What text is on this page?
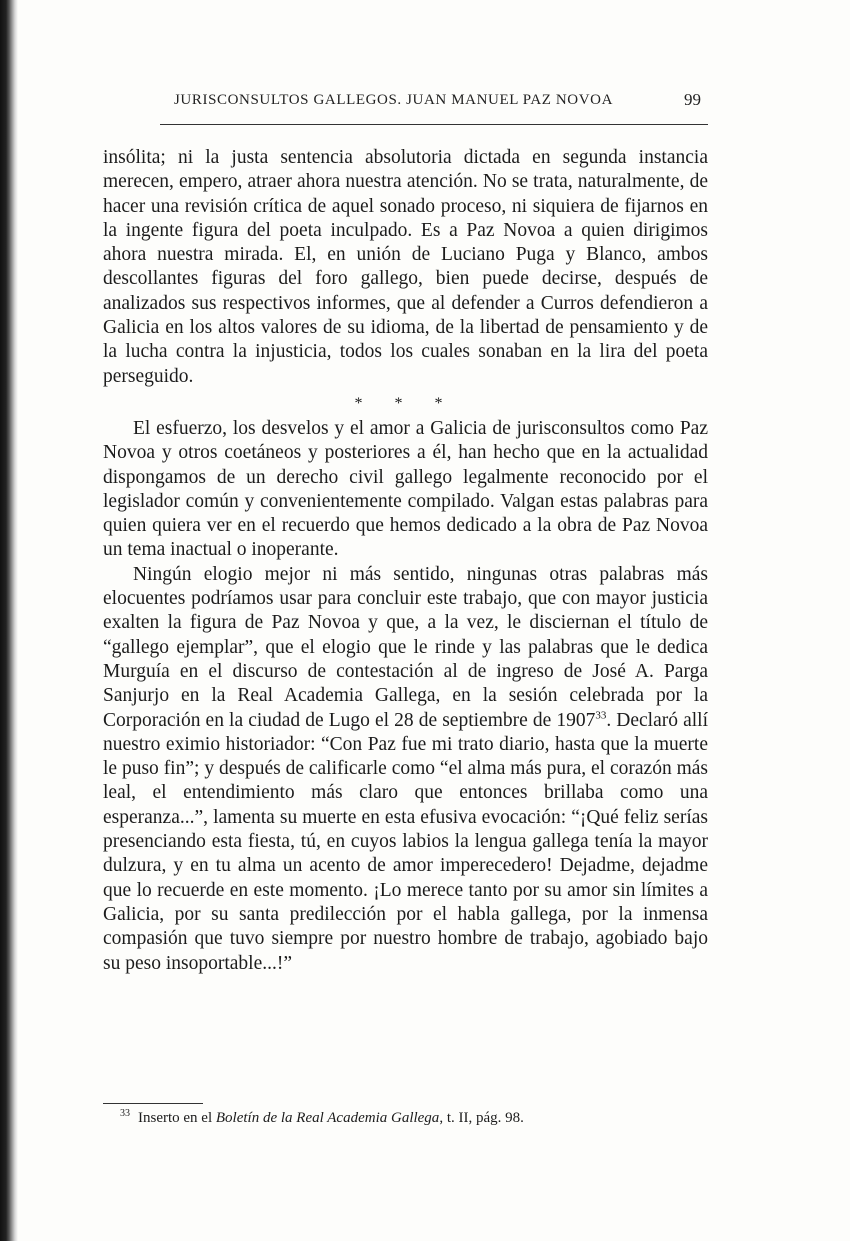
JURISCONSULTOS GALLEGOS. JUAN MANUEL PAZ NOVOA	99

insólita; ni la justa sentencia absolutoria dictada en segunda instancia merecen, empero, atraer ahora nuestra atención. No se trata, naturalmente, de hacer una revisión crítica de aquel sonado proceso, ni siquiera de fijarnos en la ingente figura del poeta inculpado. Es a Paz Novoa a quien dirigimos ahora nuestra mirada. El, en unión de Luciano Puga y Blanco, ambos descollantes figuras del foro gallego, bien puede decirse, después de analizados sus respectivos informes, que al defender a Curros defendieron a Galicia en los altos valores de su idioma, de la libertad de pensamiento y de la lucha contra la injusticia, todos los cuales sonaban en la lira del poeta perseguido.

* * *

El esfuerzo, los desvelos y el amor a Galicia de jurisconsultos como Paz Novoa y otros coetáneos y posteriores a él, han hecho que en la actualidad dispongamos de un derecho civil gallego legalmente reconocido por el legislador común y convenientemente compilado. Valgan estas palabras para quien quiera ver en el recuerdo que hemos dedicado a la obra de Paz Novoa un tema inactual o inoperante.

Ningún elogio mejor ni más sentido, ningunas otras palabras más elocuentes podríamos usar para concluir este trabajo, que con mayor justicia exalten la figura de Paz Novoa y que, a la vez, le disciernan el título de “gallego ejemplar”, que el elogio que le rinde y las palabras que le dedica Murguía en el discurso de contestación al de ingreso de José A. Parga Sanjurjo en la Real Academia Gallega, en la sesión celebrada por la Corporación en la ciudad de Lugo el 28 de septiembre de 1907$^{33}$. Declaró allí nuestro eximio historiador: “Con Paz fue mi trato diario, hasta que la muerte le puso fin”; y después de calificarle como “el alma más pura, el corazón más leal, el entendimiento más claro que entonces brillaba como una esperanza...”, lamenta su muerte en esta efusiva evocación: “¡Qué feliz serías presenciando esta fiesta, tú, en cuyos labios la lengua gallega tenía la mayor dulzura, y en tu alma un acento de amor imperecedero! Dejadme, dejadme que lo recuerde en este momento. ¡Lo merece tanto por su amor sin límites a Galicia, por su santa predilección por el habla gallega, por la inmensa compasión que tuvo siempre por nuestro hombre de trabajo, agobiado bajo su peso insoportable...!”

$^{33}$ Inserto en el Boletín de la Real Academia Gallega, t. II, pág. 98.
